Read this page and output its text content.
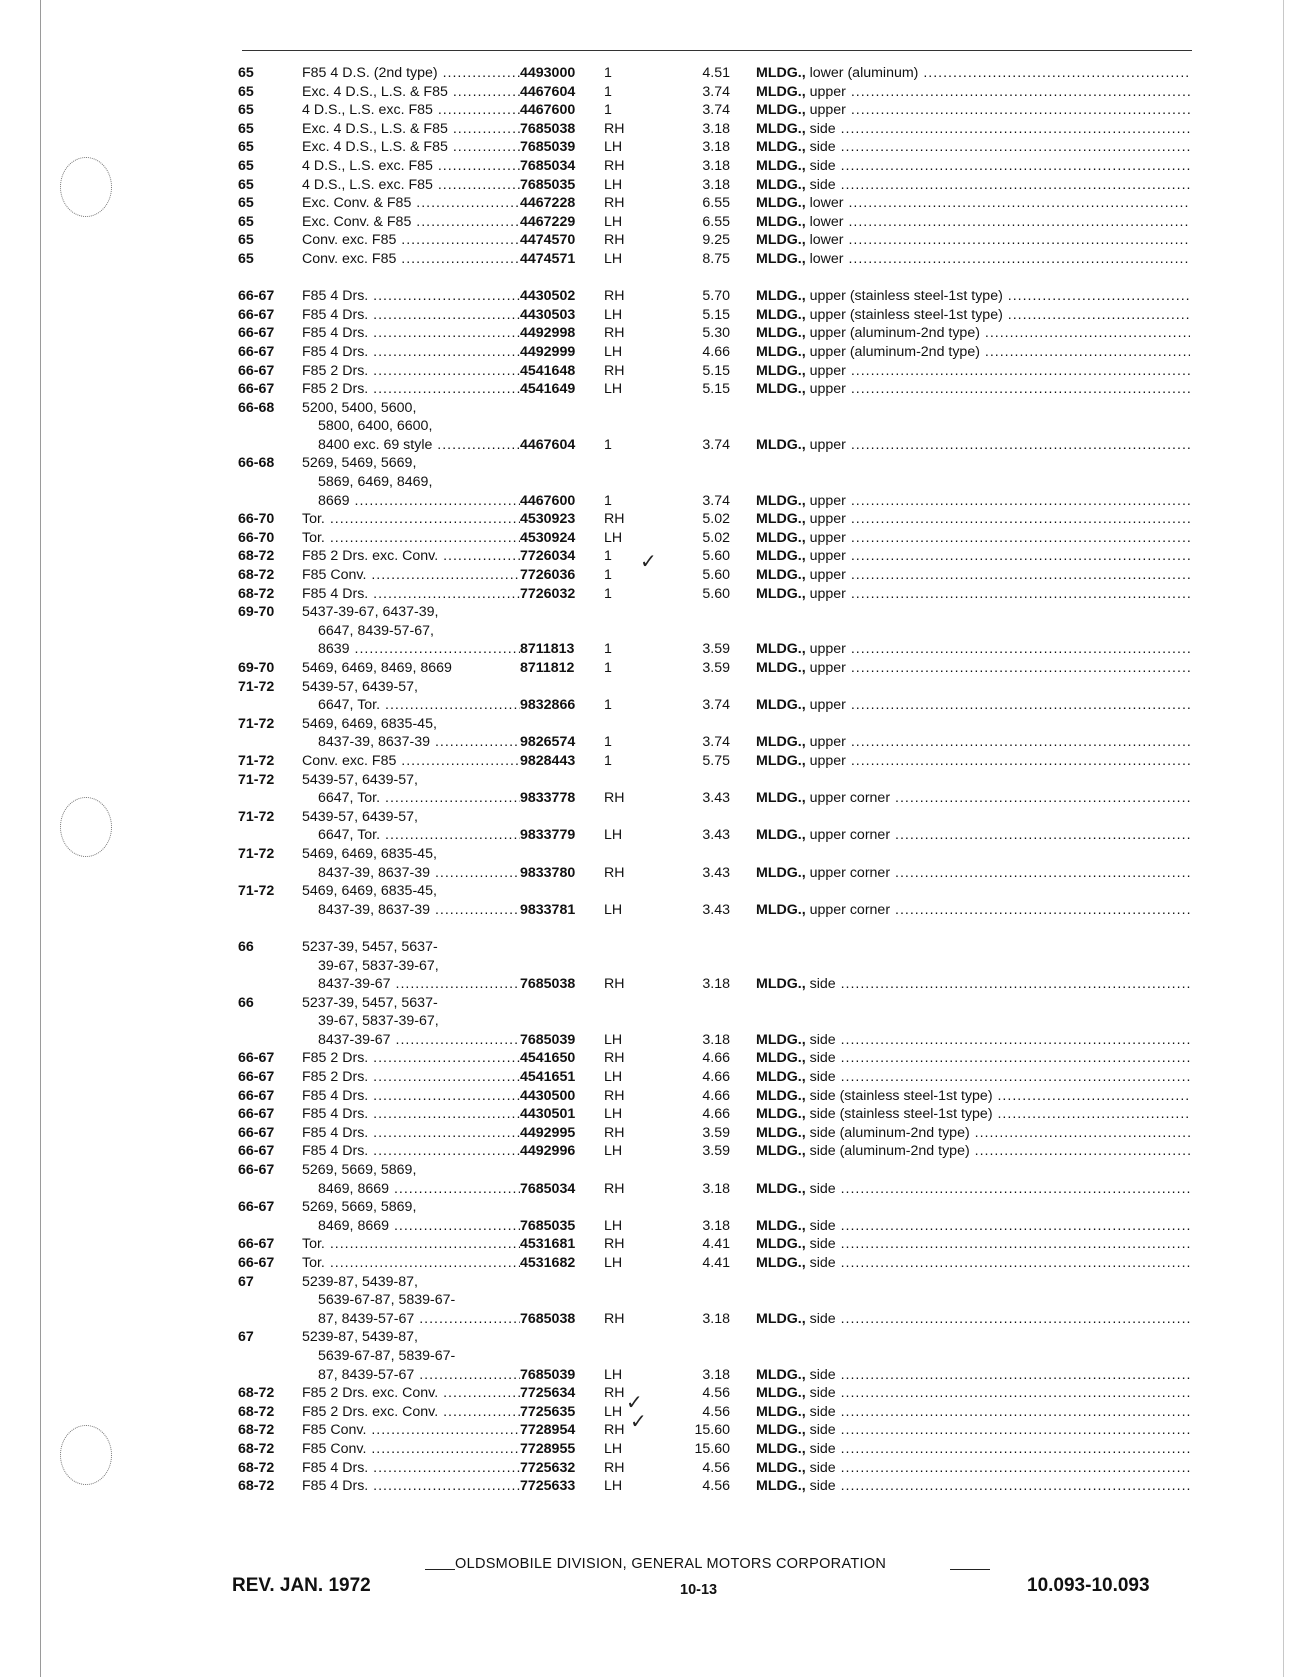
65	F85 4 D.S. (2nd type) .....	4493000 1	4.51 MLDG., lower (aluminum) .....
65	Exc. 4 D.S., L.S. & F85 .....	4467604 1	3.74 MLDG., upper .....
65	4 D.S., L.S. exc. F85 .....	4467600 1	3.74 MLDG., upper .....
65	Exc. 4 D.S., L.S. & F85 .....	7685038 RH	3.18 MLDG., side .....
65	Exc. 4 D.S., L.S. & F85 .....	7685039 LH	3.18 MLDG., side .....
65	4 D.S., L.S. exc. F85 .....	7685034 RH	3.18 MLDG., side .....
65	4 D.S., L.S. exc. F85 .....	7685035 LH	3.18 MLDG., side .....
65	Exc. Conv. & F85 .....	4467228 RH	6.55 MLDG., lower .....
65	Exc. Conv. & F85 .....	4467229 LH	6.55 MLDG., lower .....
65	Conv. exc. F85 .....	4474570 RH	9.25 MLDG., lower .....
65	Conv. exc. F85 .....	4474571 LH	8.75 MLDG., lower .....
66-67 F85 4 Drs. .....	4430502 RH	5.70 MLDG., upper (stainless steel-1st type) .....
66-67 F85 4 Drs. .....	4430503 LH	5.15 MLDG., upper (stainless steel-1st type) .....
66-67 F85 4 Drs. .....	4492998 RH	5.30 MLDG., upper (aluminum-2nd type) .....
66-67 F85 4 Drs. .....	4492999 LH	4.66 MLDG., upper (aluminum-2nd type) .....
66-67 F85 2 Drs. .....	4541648 RH	5.15 MLDG., upper .....
66-67 F85 2 Drs. .....	4541649 LH	5.15 MLDG., upper .....
66-68 5200, 5400, 5600,
5800, 6400, 6600,
8400 exc. 69 style .....	4467604 1	3.74 MLDG., upper .....
66-68 5269, 5469, 5669,
5869, 6469, 8469,
8669 .....	4467600 1	3.74 MLDG., upper .....
66-70 Tor. .....	4530923 RH	5.02 MLDG., upper .....
66-70 Tor. .....	4530924 LH	5.02 MLDG., upper .....
68-72 F85 2 Drs. exc. Conv. .....	7726034 1	5.60 MLDG., upper .....
68-72 F85 Conv. .....	7726036 1	5.60 MLDG., upper .....
68-72 F85 4 Drs. .....	7726032 1	5.60 MLDG., upper .....
69-70 5437-39-67, 6437-39,
6647, 8439-57-67,
8639 .....	8711813 1	3.59 MLDG., upper .....
69-70 5469, 6469, 8469, 8669	8711812 1	3.59 MLDG., upper .....
71-72 5439-57, 6439-57,
6647, Tor. .....	9832866 1	3.74 MLDG., upper .....
71-72 5469, 6469, 6835-45,
8437-39, 8637-39 .....	9826574 1	3.74 MLDG., upper .....
71-72 Conv. exc. F85 .....	9828443 1	5.75 MLDG., upper .....
71-72 5439-57, 6439-57,
6647, Tor. .....	9833778 RH	3.43 MLDG., upper corner .....
71-72 5439-57, 6439-57,
6647, Tor. .....	9833779 LH	3.43 MLDG., upper corner .....
71-72 5469, 6469, 6835-45,
8437-39, 8637-39 .....	9833780 RH	3.43 MLDG., upper corner .....
71-72 5469, 6469, 6835-45,
8437-39, 8637-39 .....	9833781 LH	3.43 MLDG., upper corner .....
66	5237-39, 5457, 5637-
39-67, 5837-39-67,
8437-39-67 .....	7685038 RH	3.18 MLDG., side .....
66	5237-39, 5457, 5637-
39-67, 5837-39-67,
8437-39-67 .....	7685039 LH	3.18 MLDG., side .....
66-67 F85 2 Drs. .....	4541650 RH	4.66 MLDG., side .....
66-67 F85 2 Drs. .....	4541651 LH	4.66 MLDG., side .....
66-67 F85 4 Drs. .....	4430500 RH	4.66 MLDG., side (stainless steel-1st type) .....
66-67 F85 4 Drs. .....	4430501 LH	4.66 MLDG., side (stainless steel-1st type) .....
66-67 F85 4 Drs. .....	4492995 RH	3.59 MLDG., side (aluminum-2nd type) .....
66-67 F85 4 Drs. .....	4492996 LH	3.59 MLDG., side (aluminum-2nd type) .....
66-67 5269, 5669, 5869,
8469, 8669 .....	7685034 RH	3.18 MLDG., side .....
66-67 5269, 5669, 5869,
8469, 8669 .....	7685035 LH	3.18 MLDG., side .....
66-67 Tor. .....	4531681 RH	4.41 MLDG., side .....
66-67 Tor. .....	4531682 LH	4.41 MLDG., side .....
67	5239-87, 5439-87,
5639-67-87, 5839-67-
87, 8439-57-67 .....	7685038 RH	3.18 MLDG., side .....
67	5239-87, 5439-87,
5639-67-87, 5839-67-
87, 8439-57-67 .....	7685039 LH	3.18 MLDG., side .....
68-72 F85 2 Drs. exc. Conv. .....	7725634 RH	4.56 MLDG., side .....
68-72 F85 2 Drs. exc. Conv. .....	7725635 LH	4.56 MLDG., side .....
68-72 F85 Conv. .....	7728954 RH	15.60 MLDG., side .....
68-72 F85 Conv. .....	7728955 LH	15.60 MLDG., side .....
68-72 F85 4 Drs. .....	7725632 RH	4.56 MLDG., side .....
68-72 F85 4 Drs. .....	7725633 LH	4.56 MLDG., side .....
✓
✓
✓
OLDSMOBILE DIVISION, GENERAL MOTORS CORPORATION
REV. JAN. 1972	10-13	10.093-10.093
